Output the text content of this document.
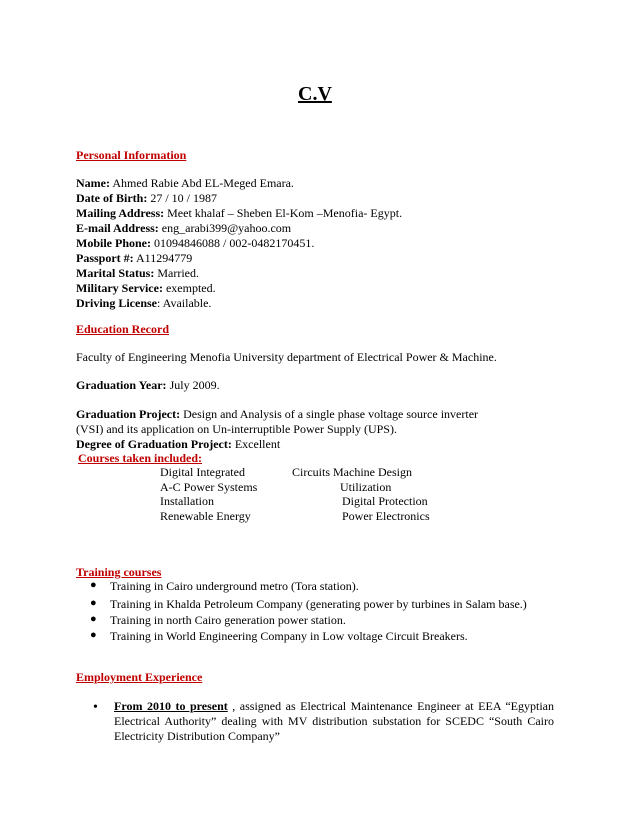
C.V
Personal Information
Name: Ahmed Rabie Abd EL-Meged Emara.
Date of Birth: 27 / 10 / 1987
Mailing Address: Meet khalaf – Sheben El-Kom –Menofia- Egypt.
E-mail Address: eng_arabi399@yahoo.com
Mobile Phone: 01094846088 / 002-0482170451.
Passport #: A11294779
Marital Status: Married.
Military Service: exempted.
Driving License: Available.
Education Record
Faculty of Engineering Menofia University department of Electrical Power & Machine.
Graduation Year: July 2009.
Graduation Project: Design and Analysis of a single phase voltage source inverter
(VSI) and its application on Un-interruptible Power Supply (UPS).
Degree of Graduation Project: Excellent
Courses taken included:
Digital Integrated	Circuits Machine Design
A-C Power Systems	Utilization
Installation	Digital Protection
Renewable Energy	Power Electronics
Training courses
● Training in Cairo underground metro (Tora station).
● Training in Khalda Petroleum Company (generating power by turbines in Salam base.)
● Training in north Cairo generation power station.
● Training in World Engineering Company in Low voltage Circuit Breakers.
Employment Experience
• From 2010 to present , assigned as Electrical Maintenance Engineer at EEA “Egyptian Electrical Authority” dealing with MV distribution substation for SCEDC “South Cairo Electricity Distribution Company”
